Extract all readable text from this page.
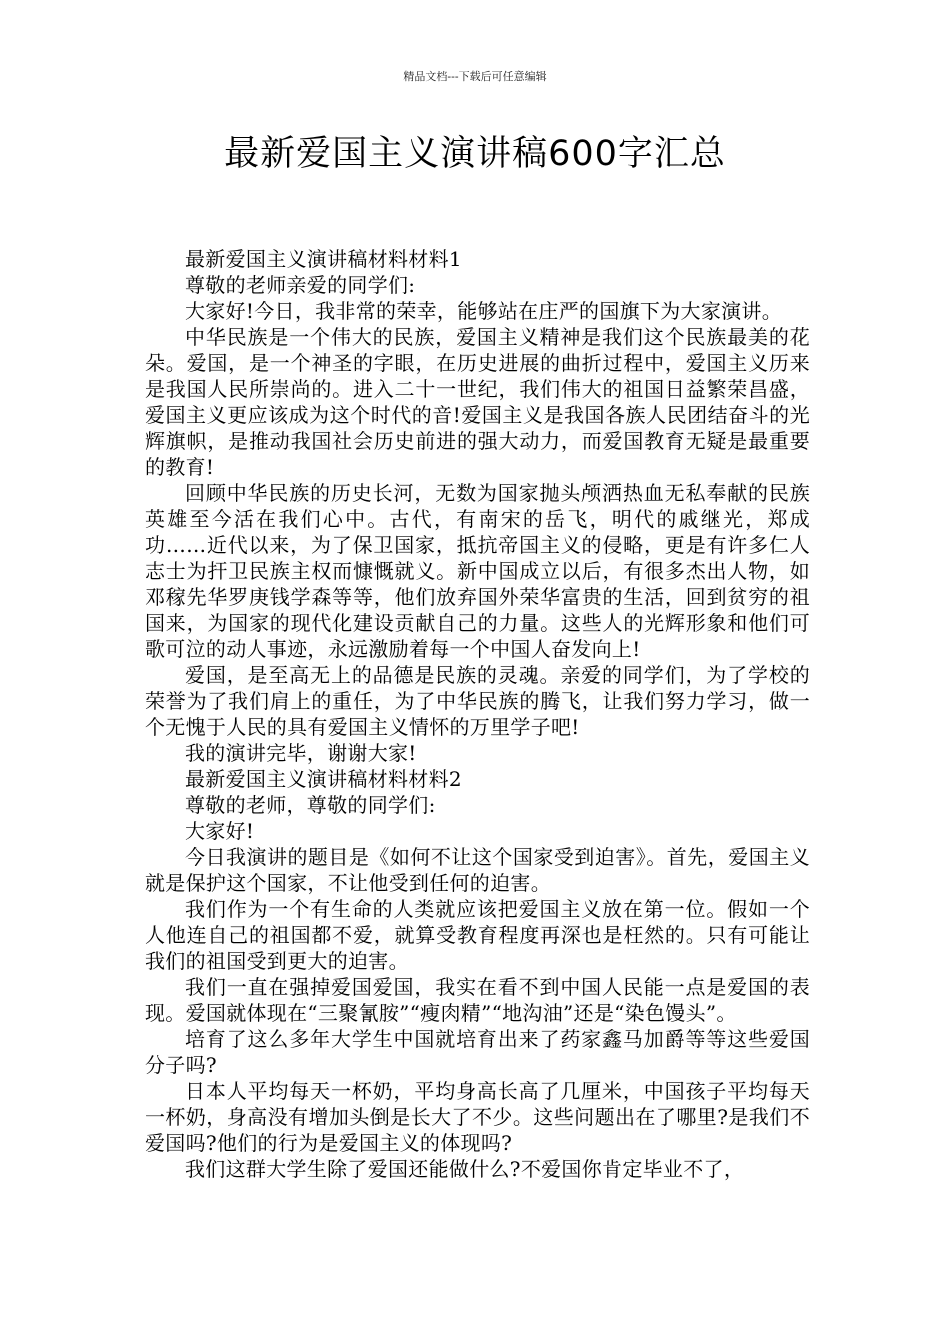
精品文档---下载后可任意编辑
最新爱国主义演讲稿600字汇总

最新爱国主义演讲稿材料材料1

尊敬的老师亲爱的同学们:

大家好!今日，我非常的荣幸，能够站在庄严的国旗下为大家演讲。

中华民族是一个伟大的民族，爱国主义精神是我们这个民族最美的花朵。爱国，是一个神圣的字眼，在历史进展的曲折过程中，爱国主义历来是我国人民所崇尚的。进入二十一世纪，我们伟大的祖国日益繁荣昌盛，爱国主义更应该成为这个时代的音!爱国主义是我国各族人民团结奋斗的光辉旗帜，是推动我国社会历史前进的强大动力，而爱国教育无疑是最重要的教育!

回顾中华民族的历史长河，无数为国家抛头颅洒热血无私奉献的民族英雄至今活在我们心中。古代，有南宋的岳飞，明代的戚继光，郑成功……近代以来，为了保卫国家，抵抗帝国主义的侵略，更是有许多仁人志士为扞卫民族主权而慷慨就义。新中国成立以后，有很多杰出人物，如邓稼先华罗庚钱学森等等，他们放弃国外荣华富贵的生活，回到贫穷的祖国来，为国家的现代化建设贡献自己的力量。这些人的光辉形象和他们可歌可泣的动人事迹，永远激励着每一个中国人奋发向上!

爱国，是至高无上的品德是民族的灵魂。亲爱的同学们，为了学校的荣誉为了我们肩上的重任，为了中华民族的腾飞，让我们努力学习，做一个无愧于人民的具有爱国主义情怀的万里学子吧!

我的演讲完毕，谢谢大家!

最新爱国主义演讲稿材料材料2

尊敬的老师，尊敬的同学们:

大家好!

今日我演讲的题目是《如何不让这个国家受到迫害》。首先，爱国主义就是保护这个国家，不让他受到任何的迫害。

我们作为一个有生命的人类就应该把爱国主义放在第一位。假如一个人他连自己的祖国都不爱，就算受教育程度再深也是枉然的。只有可能让我们的祖国受到更大的迫害。

我们一直在强掉爱国爱国，我实在看不到中国人民能一点是爱国的表现。爱国就体现在“三聚氰胺”“瘦肉精”“地沟油”还是“染色馒头”。

培育了这么多年大学生中国就培育出来了药家鑫马加爵等等这些爱国分子吗?

日本人平均每天一杯奶，平均身高长高了几厘米，中国孩子平均每天一杯奶，身高没有增加头倒是长大了不少。这些问题出在了哪里?是我们不爱国吗?他们的行为是爱国主义的体现吗?

我们这群大学生除了爱国还能做什么?不爱国你肯定毕业不了，
